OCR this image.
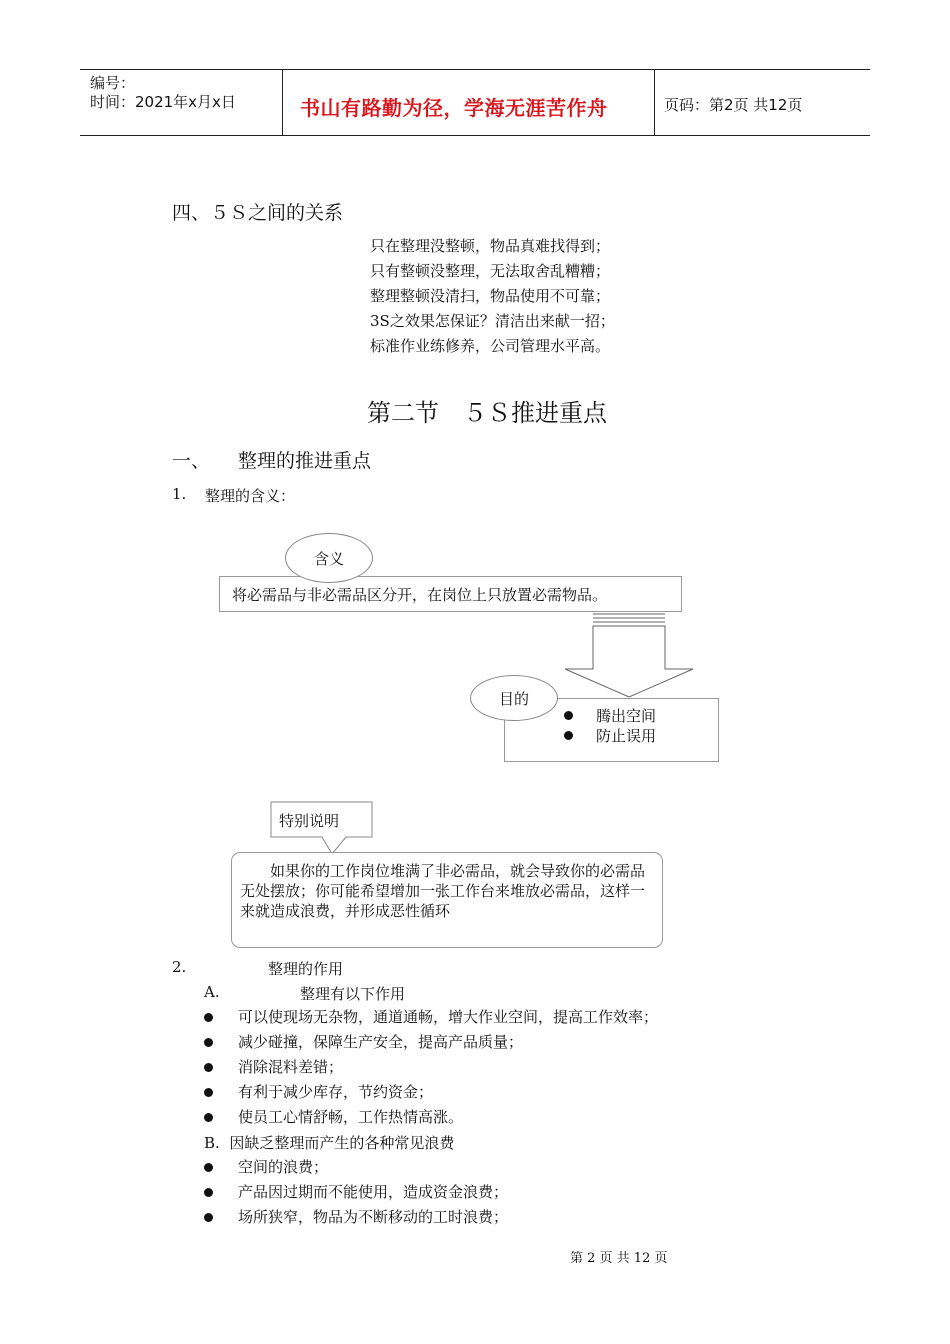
编号：
时间：2021年x月x日	书山有路勤为径，学海无涯苦作舟	页码：第2页 共12页
四、５Ｓ之间的关系
只在整理没整顿，物品真难找得到；
只有整顿没整理，无法取舍乱糟糟；
整理整顿没清扫，物品使用不可靠；
3S之效果怎保证？清洁出来献一招；
标准作业练修养，公司管理水平高。
第二节　５Ｓ推进重点
一、 整理的推进重点
1. 整理的含义：
将必需品与非必需品区分开，在岗位上只放置必需物品。
含义
腾出空间
防止误用
目的
特别说明
如果你的工作岗位堆满了非必需品，就会导致你的必需品无处摆放；你可能希望增加一张工作台来堆放必需品，这样一来就造成浪费，并形成恶性循环
2.	整理的作用
A.	整理有以下作用
可以使现场无杂物，通道通畅，增大作业空间，提高工作效率；
减少碰撞，保障生产安全，提高产品质量；
消除混料差错；
有利于减少库存，节约资金；
使员工心情舒畅，工作热情高涨。
B.  因缺乏整理而产生的各种常见浪费
空间的浪费；
产品因过期而不能使用，造成资金浪费；
场所狭窄，物品为不断移动的工时浪费；
第 2 页 共 12 页
